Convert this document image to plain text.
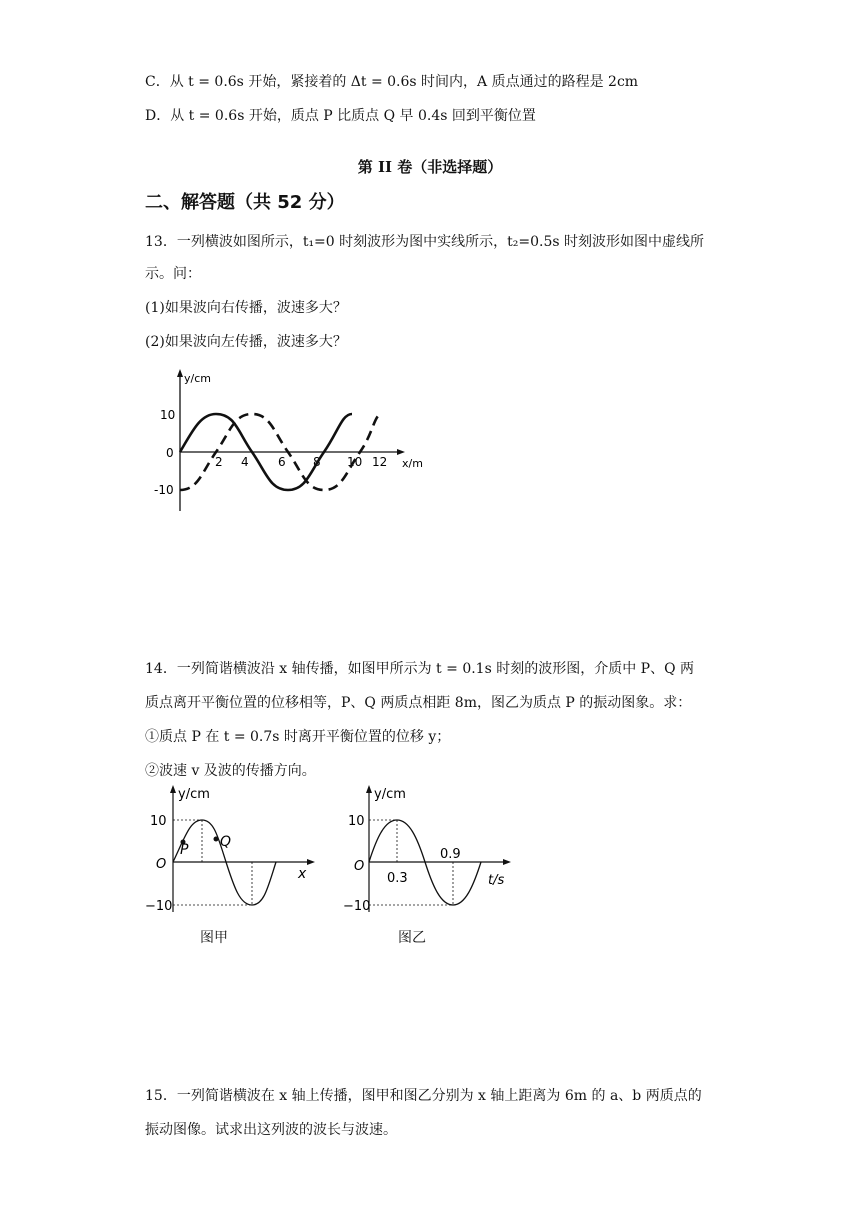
C．从 t = 0.6s 开始，紧接着的 Δt = 0.6s 时间内，A 质点通过的路程是 2cm
D．从 t = 0.6s 开始，质点 P 比质点 Q 早 0.4s 回到平衡位置
第 II 卷（非选择题）
二、解答题（共 52 分）
13．一列横波如图所示，t₁=0 时刻波形为图中实线所示，t₂=0.5s 时刻波形如图中虚线所
示。问：
(1)如果波向右传播，波速多大？
(2)如果波向左传播，波速多大？
y/cm
x/m
0
10
-10
2 4 6 8 10 12
14．一列简谐横波沿 x 轴传播，如图甲所示为 t = 0.1s 时刻的波形图，介质中 P、Q 两
质点离开平衡位置的位移相等，P、Q 两质点相距 8m，图乙为质点 P 的振动图象。求：
①质点 P 在 t = 0.7s 时离开平衡位置的位移 y；
②波速 v 及波的传播方向。
P Q
y/cm
x
O
10
−10
图甲
y/cm
t/s
O
10
−10
0.3
0.9
图乙
15．一列简谐横波在 x 轴上传播，图甲和图乙分别为 x 轴上距离为 6m 的 a、b 两质点的
振动图像。试求出这列波的波长与波速。
